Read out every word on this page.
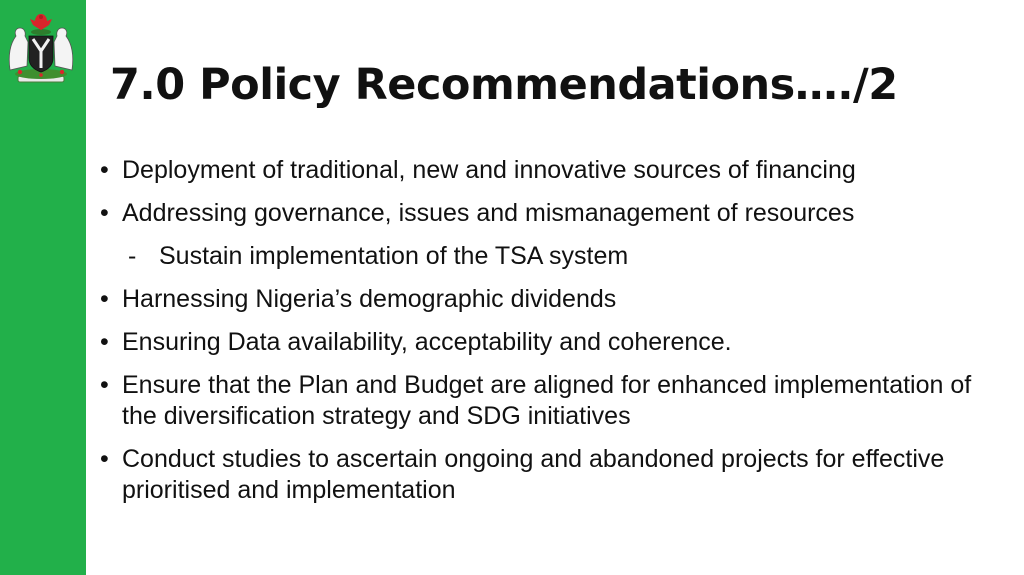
7.0 Policy Recommendations…./2
• Deployment of traditional, new and innovative sources of financing
• Addressing governance, issues and mismanagement of resources
- Sustain implementation of the TSA system
• Harnessing Nigeria’s demographic dividends
• Ensuring Data availability, acceptability and coherence.
• Ensure that the Plan and Budget are aligned for enhanced implementation of the diversification strategy and SDG initiatives
• Conduct studies to ascertain ongoing and abandoned projects for effective prioritised and implementation
